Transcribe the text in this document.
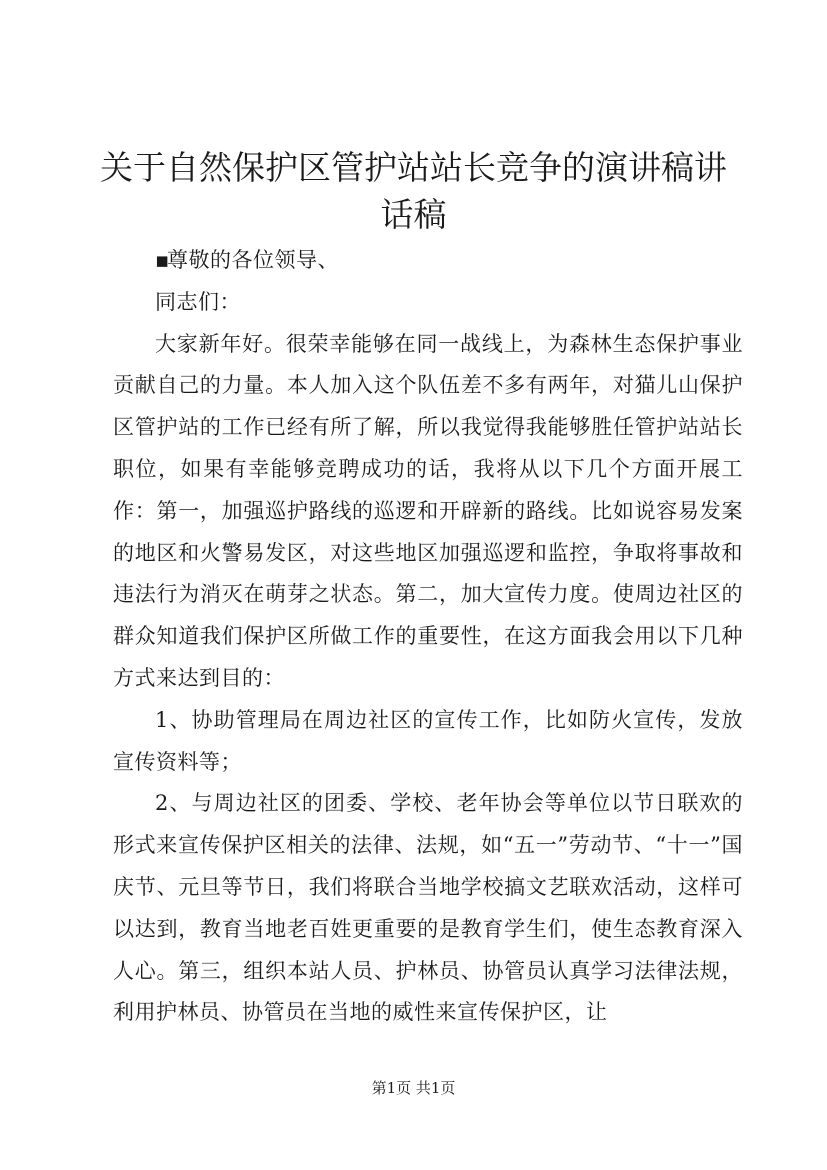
关于自然保护区管护站站长竞争的演讲稿讲话稿

▪尊敬的各位领导、

同志们：

大家新年好。很荣幸能够在同一战线上，为森林生态保护事业贡献自己的力量。本人加入这个队伍差不多有两年，对猫儿山保护区管护站的工作已经有所了解，所以我觉得我能够胜任管护站站长职位，如果有幸能够竞聘成功的话，我将从以下几个方面开展工作：第一，加强巡护路线的巡逻和开辟新的路线。比如说容易发案的地区和火警易发区，对这些地区加强巡逻和监控，争取将事故和违法行为消灭在萌芽之状态。第二，加大宣传力度。使周边社区的群众知道我们保护区所做工作的重要性，在这方面我会用以下几种方式来达到目的：

1、协助管理局在周边社区的宣传工作，比如防火宣传，发放宣传资料等；

2、与周边社区的团委、学校、老年协会等单位以节日联欢的形式来宣传保护区相关的法律、法规，如“五一”劳动节、“十一”国庆节、元旦等节日，我们将联合当地学校搞文艺联欢活动，这样可以达到，教育当地老百姓更重要的是教育学生们，使生态教育深入人心。第三，组织本站人员、护林员、协管员认真学习法律法规，利用护林员、协管员在当地的威性来宣传保护区，让

第1页 共1页
